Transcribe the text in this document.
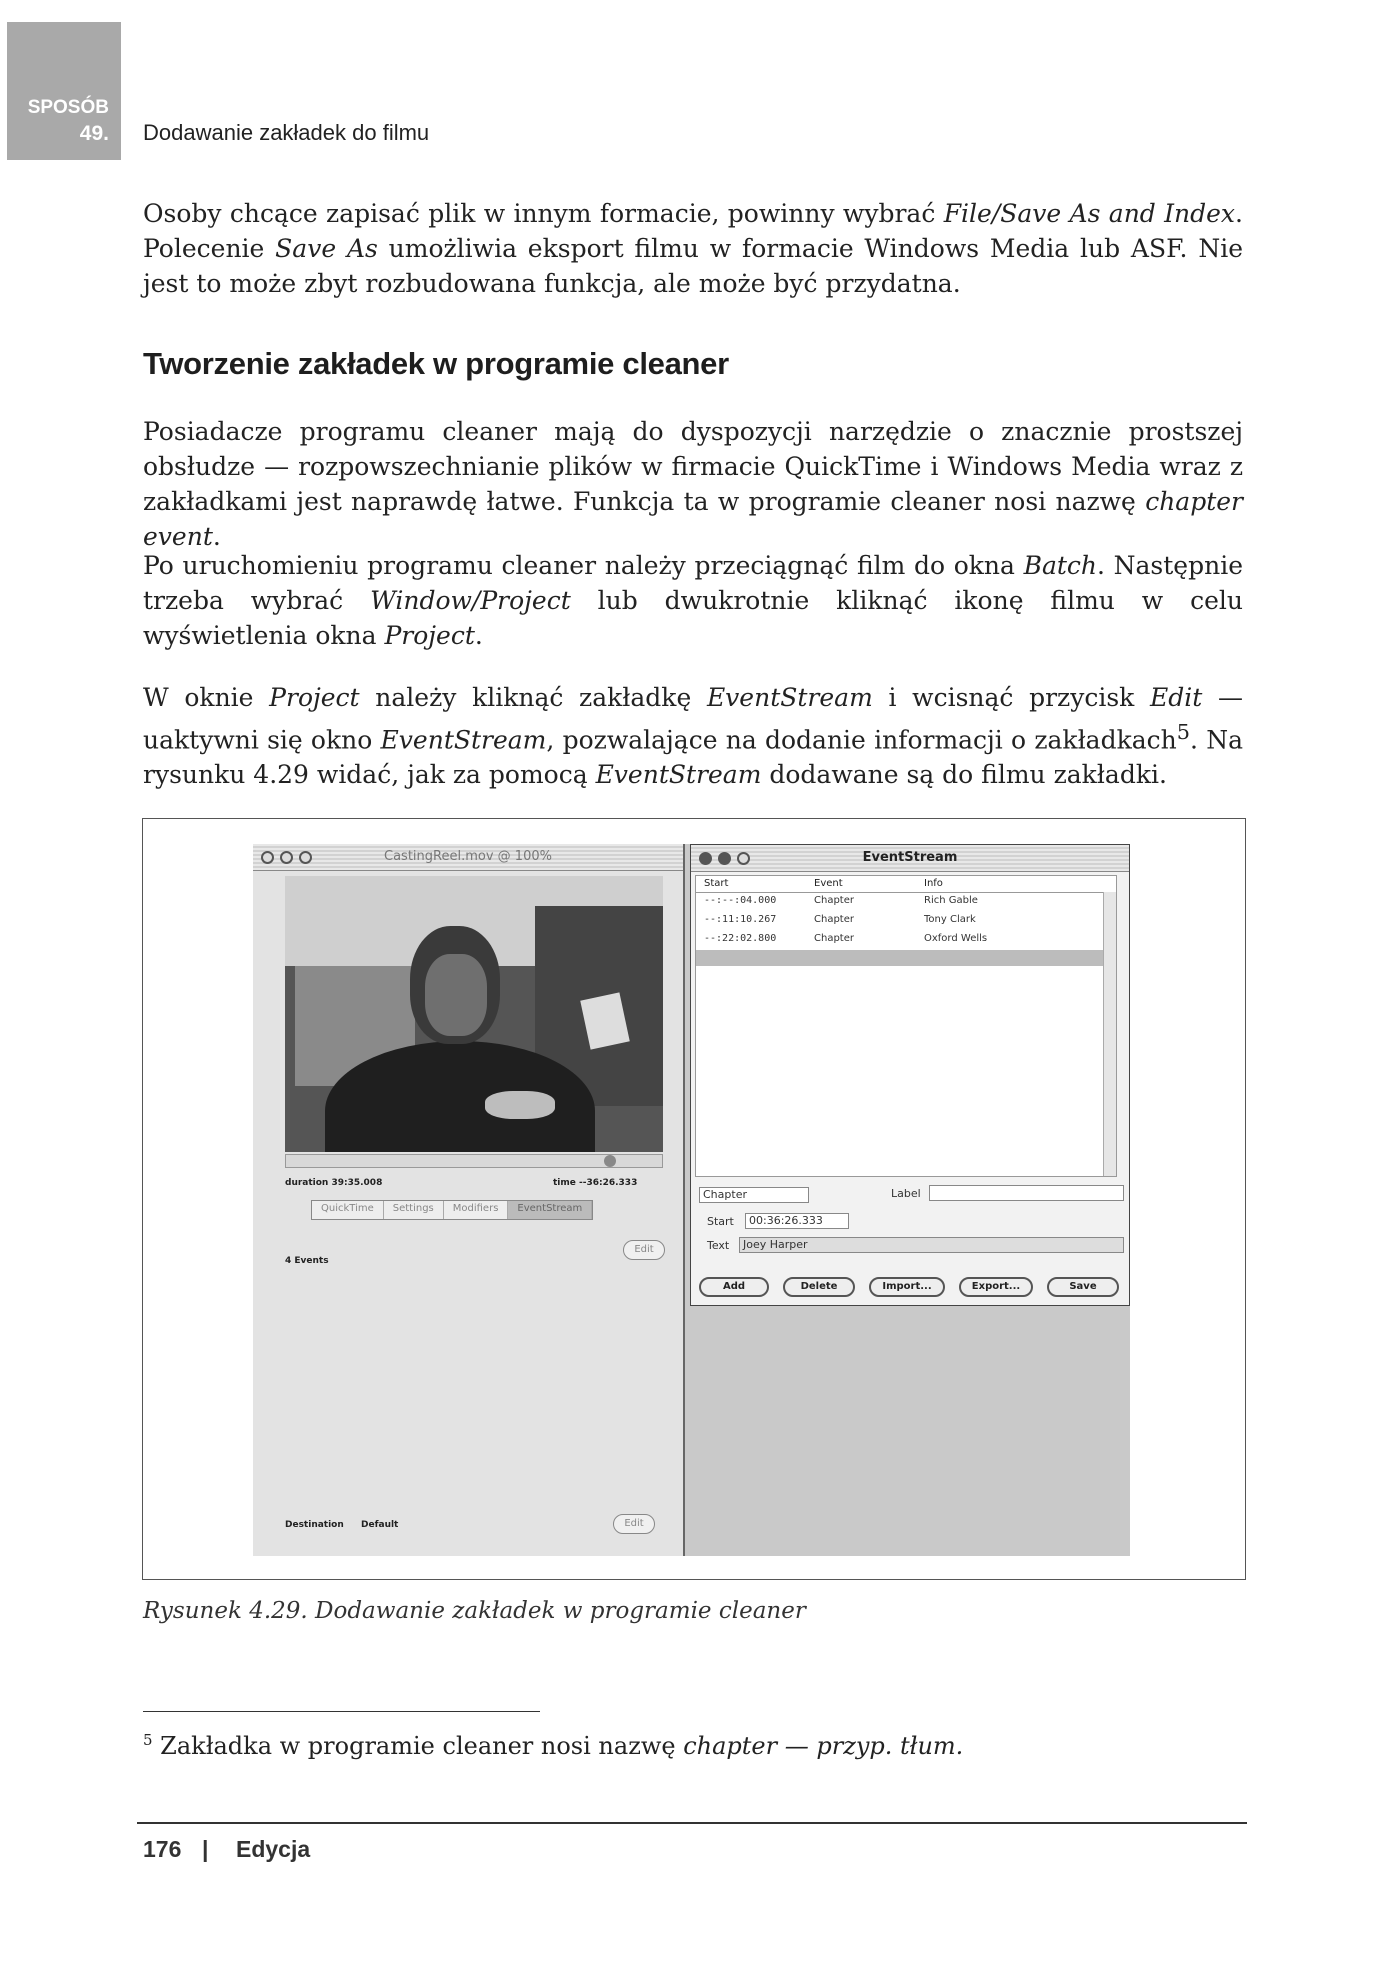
SPOSÓB
49. Dodawanie zakładek do filmu

Osoby chcące zapisać plik w innym formacie, powinny wybrać File/Save As and Index. Polecenie Save As umożliwia eksport filmu w formacie Windows Media lub ASF. Nie jest to może zbyt rozbudowana funkcja, ale może być przydatna.

Tworzenie zakładek w programie cleaner

Posiadacze programu cleaner mają do dyspozycji narzędzie o znacznie prostszej obsłudze — rozpowszechnianie plików w firmacie QuickTime i Windows Media wraz z zakładkami jest naprawdę łatwe. Funkcja ta w programie cleaner nosi nazwę chapter event.

Po uruchomieniu programu cleaner należy przeciągnąć film do okna Batch. Następnie trzeba wybrać Window/Project lub dwukrotnie kliknąć ikonę filmu w celu wyświetlenia okna Project.

W oknie Project należy kliknąć zakładkę EventStream i wcisnąć przycisk Edit — uaktywni się okno EventStream, pozwalające na dodanie informacji o zakładkach$^5$. Na rysunku 4.29 widać, jak za pomocą EventStream dodawane są do filmu zakładki.

CastingReel.mov @ 100%
duration 39:35.008	time --36:26.333
QuickTime	Settings	Modifiers	EventStream
4 Events
Edit
Destination Default	Edit
EventStream
Start	Event	Info
--:--:04.000	Chapter	Rich Gable
--:11:10.267	Chapter	Tony Clark
--:22:02.800	Chapter	Oxford Wells
Chapter	Label
Start	00:36:26.333
Text	Joey Harper
Add	Delete	Import...	Export...	Save

Rysunek 4.29. Dodawanie zakładek w programie cleaner

$^5$ Zakładka w programie cleaner nosi nazwę chapter — przyp. tłum.

176 | Edycja
